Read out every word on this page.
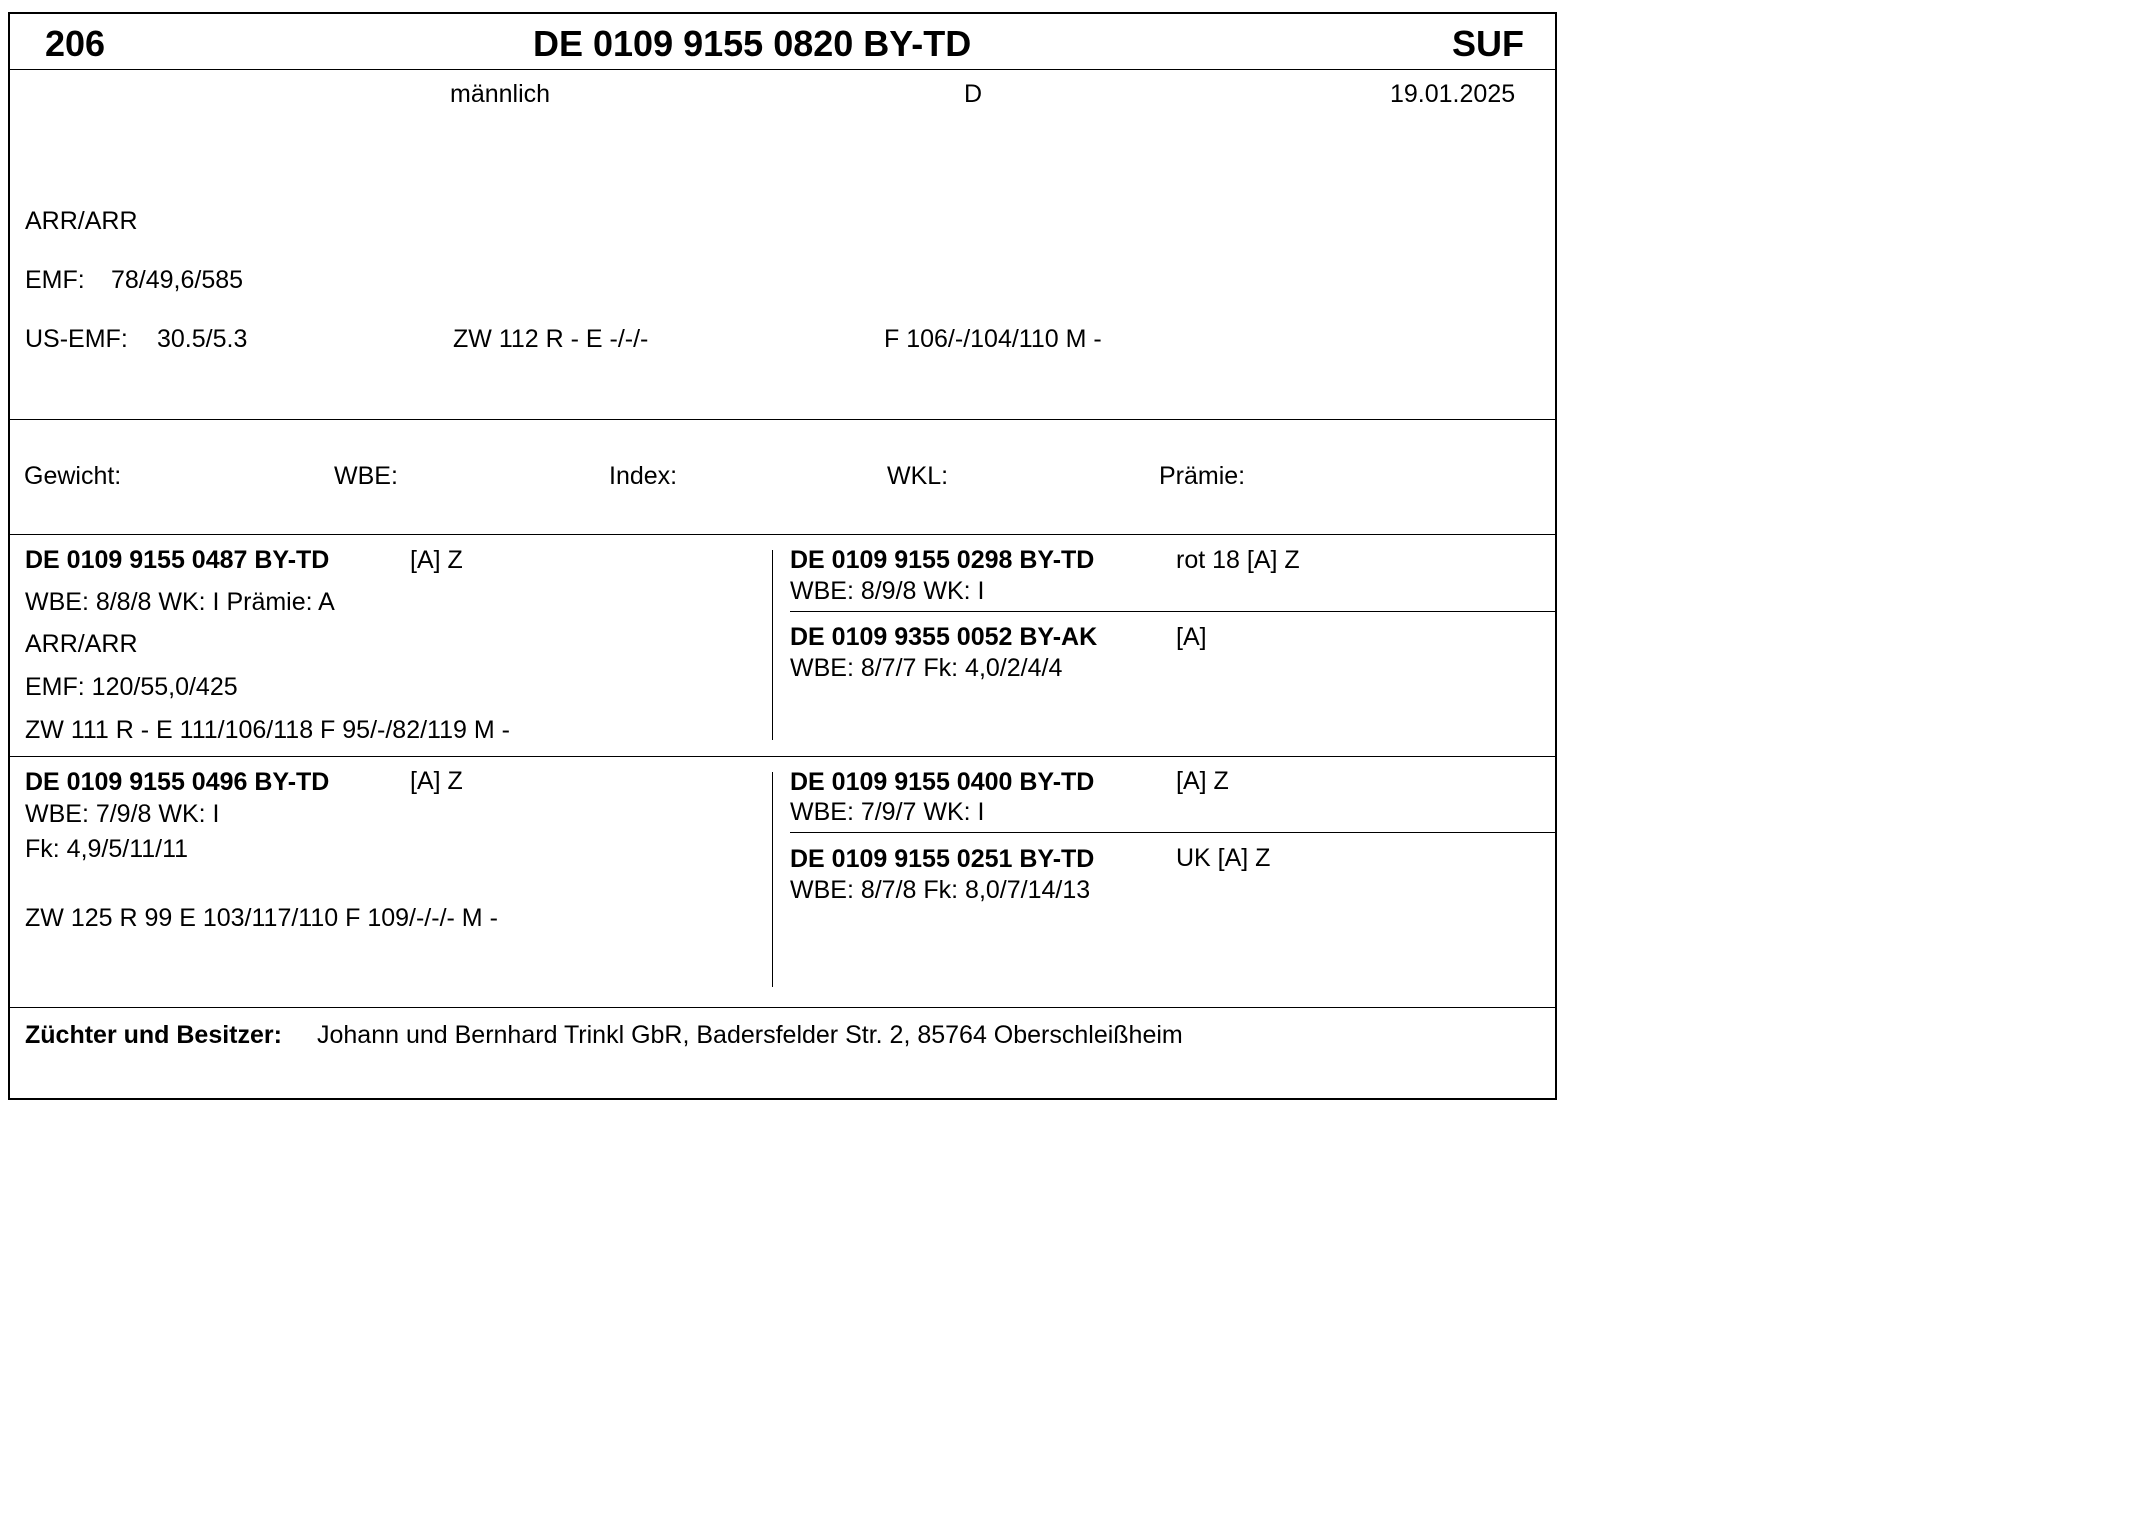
206	DE 0109 9155 0820 BY-TD	SUF
männlich	D	19.01.2025
ARR/ARR
EMF: 78/49,6/585
US-EMF: 30.5/5.3	ZW 112 R - E -/-/-	F 106/-/104/110 M -
Gewicht:	WBE:	Index:	WKL:	Prämie:
DE 0109 9155 0487 BY-TD	[A] Z
WBE: 8/8/8 WK: I Prämie: A
ARR/ARR
EMF: 120/55,0/425
ZW 111 R - E 111/106/118 F 95/-/82/119 M -
DE 0109 9155 0298 BY-TD	rot 18 [A] Z
WBE: 8/9/8 WK: I
DE 0109 9355 0052 BY-AK	[A]
WBE: 8/7/7 Fk: 4,0/2/4/4
DE 0109 9155 0496 BY-TD	[A] Z
WBE: 7/9/8 WK: I
Fk: 4,9/5/11/11
ZW 125 R 99 E 103/117/110 F 109/-/-/- M -
DE 0109 9155 0400 BY-TD	[A] Z
WBE: 7/9/7 WK: I
DE 0109 9155 0251 BY-TD	UK [A] Z
WBE: 8/7/8 Fk: 8,0/7/14/13
Züchter und Besitzer: Johann und Bernhard Trinkl GbR, Badersfelder Str. 2, 85764 Oberschleißheim
